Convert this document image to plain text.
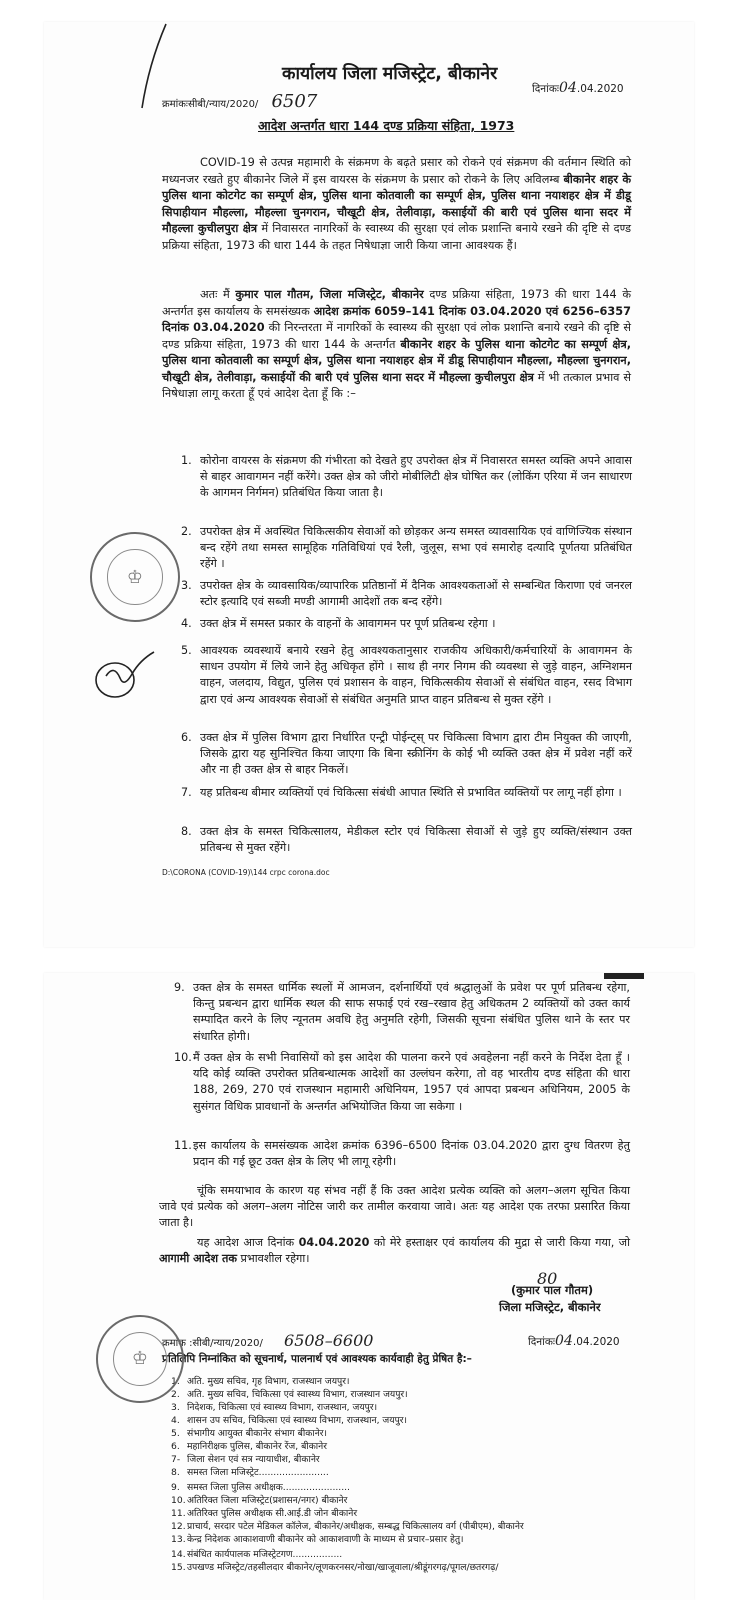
कार्यालय जिला मजिस्ट्रेट, बीकानेर
क्रमांकःसीबी/न्याय/2020/ 6507
दिनांकः04.04.2020
आदेश अन्तर्गत धारा 144 दण्ड प्रक्रिया संहिता, 1973

COVID-19 से उत्पन्न महामारी के संक्रमण के बढ़ते प्रसार को रोकने एवं संक्रमण की वर्तमान स्थिति को मध्यनजर रखते हुए बीकानेर जिले में इस वायरस के संक्रमण के प्रसार को रोकने के लिए अविलम्ब बीकानेर शहर के पुलिस थाना कोटगेट का सम्पूर्ण क्षेत्र, पुलिस थाना कोतवाली का सम्पूर्ण क्षेत्र, पुलिस थाना नयाशहर क्षेत्र में डीडू सिपाहीयान मौहल्ला, मौहल्ला चुनगरान, चौखूटी क्षेत्र, तेलीवाड़ा, कसाईयों की बारी एवं पुलिस थाना सदर में मौहल्ला कुचीलपुरा क्षेत्र में निवासरत नागरिकों के स्वास्थ्य की सुरक्षा एवं लोक प्रशान्ति बनाये रखने की दृष्टि से दण्ड प्रक्रिया संहिता, 1973 की धारा 144 के तहत निषेधाज्ञा जारी किया जाना आवश्यक हैं।

अतः मैं कुमार पाल गौतम, जिला मजिस्ट्रेट, बीकानेर दण्ड प्रक्रिया संहिता, 1973 की धारा 144 के अन्तर्गत इस कार्यालय के समसंख्यक आदेश क्रमांक 6059–141 दिनांक 03.04.2020 एवं 6256–6357 दिनांक 03.04.2020 की निरन्तरता में नागरिकों के स्वास्थ्य की सुरक्षा एवं लोक प्रशान्ति बनाये रखने की दृष्टि से दण्ड प्रक्रिया संहिता, 1973 की धारा 144 के अन्तर्गत बीकानेर शहर के पुलिस थाना कोटगेट का सम्पूर्ण क्षेत्र, पुलिस थाना कोतवाली का सम्पूर्ण क्षेत्र, पुलिस थाना नयाशहर क्षेत्र में डीडू सिपाहीयान मौहल्ला, मौहल्ला चुनगरान, चौखूटी क्षेत्र, तेलीवाड़ा, कसाईयों की बारी एवं पुलिस थाना सदर में मौहल्ला कुचीलपुरा क्षेत्र में भी तत्काल प्रभाव से निषेधाज्ञा लागू करता हूँ एवं आदेश देता हूँ कि :–

1. कोरोना वायरस के संक्रमण की गंभीरता को देखते हुए उपरोक्त क्षेत्र में निवासरत समस्त व्यक्ति अपने आवास से बाहर आवागमन नहीं करेंगे। उक्त क्षेत्र को जीरो मोबीलिटी क्षेत्र घोषित कर (लोकिंग एरिया में जन साधारण के आगमन निर्गमन) प्रतिबंधित किया जाता है।
2. उपरोक्त क्षेत्र में अवस्थित चिकित्सकीय सेवाओं को छोड़कर अन्य समस्त व्यावसायिक एवं वाणिज्यिक संस्थान बन्द रहेंगे तथा समस्त सामूहिक गतिविधियां एवं रैली, जुलूस, सभा एवं समारोह दत्यादि पूर्णतया प्रतिबंधित रहेंगे ।
3. उपरोक्त क्षेत्र के व्यावसायिक/व्यापारिक प्रतिष्ठानों में दैनिक आवश्यकताओं से सम्बन्धित किराणा एवं जनरल स्टोर इत्यादि एवं सब्जी मण्डी आगामी आदेशों तक बन्द रहेंगे।
4. उक्त क्षेत्र में समस्त प्रकार के वाहनों के आवागमन पर पूर्ण प्रतिबन्ध रहेगा ।
5. आवश्यक व्यवस्थायें बनाये रखने हेतु आवश्यकतानुसार राजकीय अधिकारी/कर्मचारियों के आवागमन के साधन उपयोग में लिये जाने हेतु अधिकृत होंगे । साथ ही नगर निगम की व्यवस्था से जुड़े वाहन, अग्निशमन वाहन, जलदाय, विद्युत, पुलिस एवं प्रशासन के वाहन, चिकित्सकीय सेवाओं से संबंधित वाहन, रसद विभाग द्वारा एवं अन्य आवश्यक सेवाओं से संबंधित अनुमति प्राप्त वाहन प्रतिबन्ध से मुक्त रहेंगे ।
6. उक्त क्षेत्र में पुलिस विभाग द्वारा निर्धारित एन्ट्री पोईन्ट्स् पर चिकित्सा विभाग द्वारा टीम नियुक्त की जाएगी, जिसके द्वारा यह सुनिश्चित किया जाएगा कि बिना स्क्रीनिंग के कोई भी व्यक्ति उक्त क्षेत्र में प्रवेश नहीं करें और ना ही उक्त क्षेत्र से बाहर निकलें।
7. यह प्रतिबन्ध बीमार व्यक्तियों एवं चिकित्सा संबंधी आपात स्थिति से प्रभावित व्यक्तियों पर लागू नहीं होगा ।
8. उक्त क्षेत्र के समस्त चिकित्सालय, मेडीकल स्टोर एवं चिकित्सा सेवाओं से जुड़े हुए व्यक्ति/संस्थान उक्त प्रतिबन्ध से मुक्त रहेंगे।
D:\CORONA (COVID-19)\144 crpc corona.doc
♔
9. उक्त क्षेत्र के समस्त धार्मिक स्थलों में आमजन, दर्शनार्थियों एवं श्रद्धालुओं के प्रवेश पर पूर्ण प्रतिबन्ध रहेगा, किन्तु प्रबन्धन द्वारा धार्मिक स्थल की साफ सफाई एवं रख–रखाव हेतु अधिकतम 2 व्यक्तियों को उक्त कार्य सम्पादित करने के लिए न्यूनतम अवधि हेतु अनुमति रहेगी, जिसकी सूचना संबंधित पुलिस थाने के स्तर पर संधारित होगी।
10. मैं उक्त क्षेत्र के सभी निवासियों को इस आदेश की पालना करने एवं अवहेलना नहीं करने के निर्देश देता हूँ । यदि कोई व्यक्ति उपरोक्त प्रतिबन्धात्मक आदेशों का उल्लंघन करेगा, तो वह भारतीय दण्ड संहिता की धारा 188, 269, 270 एवं राजस्थान महामारी अधिनियम, 1957 एवं आपदा प्रबन्धन अधिनियम, 2005 के सुसंगत विधिक प्रावधानों के अन्तर्गत अभियोजित किया जा सकेगा ।
11. इस कार्यालय के समसंख्यक आदेश क्रमांक 6396–6500 दिनांक 03.04.2020 द्वारा दुग्ध वितरण हेतु प्रदान की गई छूट उक्त क्षेत्र के लिए भी लागू रहेगी।

चूंकि समयाभाव के कारण यह संभव नहीं हैं कि उक्त आदेश प्रत्येक व्यक्ति को अलग–अलग सूचित किया जावे एवं प्रत्येक को अलग–अलग नोटिस जारी कर तामील करवाया जावे। अतः यह आदेश एक तरफा प्रसारित किया जाता है।

यह आदेश आज दिनांक 04.04.2020 को मेरे हस्ताक्षर एवं कार्यालय की मुद्रा से जारी किया गया, जो आगामी आदेश तक प्रभावशील रहेगा।

80
(कुमार पाल गौतम)
जिला मजिस्ट्रेट, बीकानेर
क्रमांक :सीबी/न्याय/2020/ 6508–6600	दिनांकः04.04.2020
प्रतिलिपि निम्नांकित को सूचनार्थ, पालनार्थ एवं आवश्यक कार्यवाही हेतु प्रेषित है:–
1. अति. मुख्य सचिव, गृह विभाग, राजस्थान जयपुर।
2. अति. मुख्य सचिव, चिकित्सा एवं स्वास्थ्य विभाग, राजस्थान जयपुर।
3. निदेशक, चिकित्सा एवं स्वास्थ्य विभाग, राजस्थान, जयपुर।
4. शासन उप सचिव, चिकित्सा एवं स्वास्थ्य विभाग, राजस्थान, जयपुर।
5. संभागीय आयुक्त बीकानेर संभाग बीकानेर।
6. महानिरीक्षक पुलिस, बीकानेर रेंज, बीकानेर
7- जिला सेशन एवं सत्र न्यायाधीश, बीकानेर
8. समस्त जिला मजिस्ट्रेट........................
9. समस्त जिला पुलिस अधीक्षक.......................
10.अतिरिक्त जिला मजिस्ट्रेट(प्रशासन/नगर) बीकानेर
11.अतिरिक्त पुलिस अधीक्षक सी.आई.डी जोन बीकानेर
12.प्राचार्य, सरदार पटेल मेडिकल कॉलेज, बीकानेर/अधीक्षक, सम्बद्ध चिकित्सालय वर्ग (पीबीएम), बीकानेर
13.केन्द्र निदेशक आकाशवाणी बीकानेर को आकाशवाणी के माध्यम से प्रचार–प्रसार हेतु।
14.संबंधित कार्यपालक मजिस्ट्रेटगण.................
15.उपखण्ड मजिस्ट्रेट/तहसीलदार बीकानेर/लूणकरनसर/नोखा/खाजूवाला/श्रीडूंगरगढ़/पूगल/छतरगढ़/
♔
